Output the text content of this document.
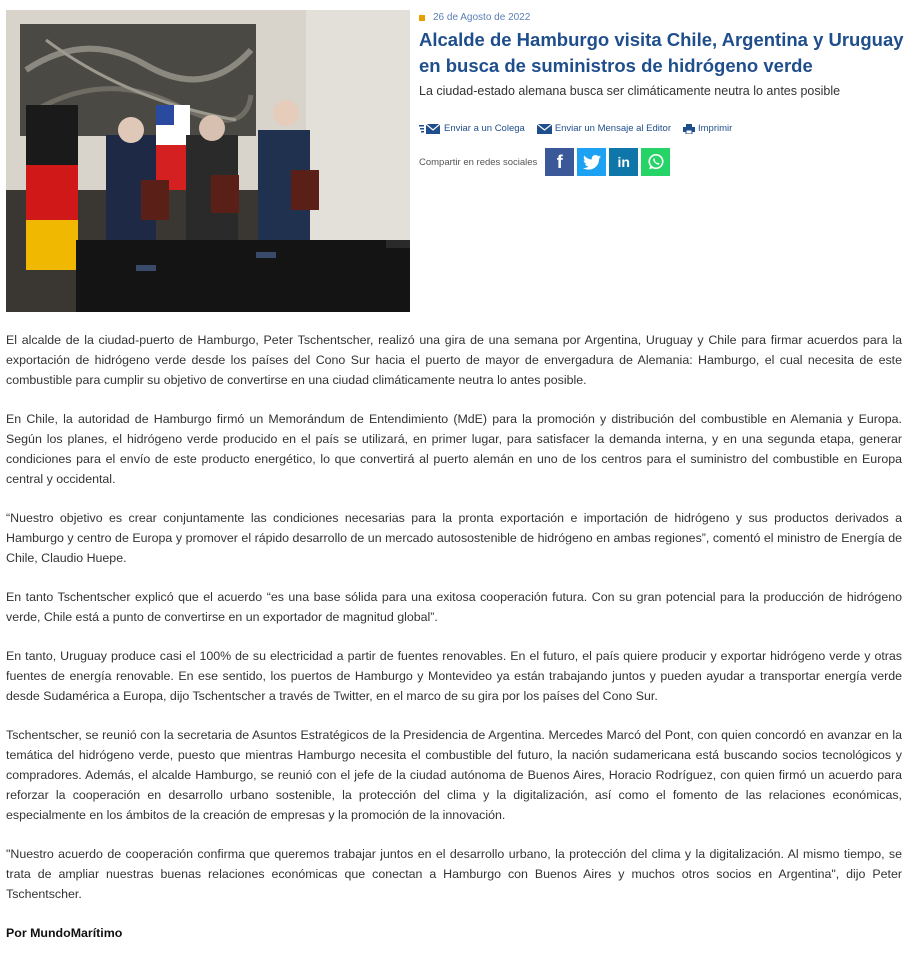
26 de Agosto de 2022
Alcalde de Hamburgo visita Chile, Argentina y Uruguay en busca de suministros de hidrógeno verde
La ciudad-estado alemana busca ser climáticamente neutra lo antes posible
Enviar a un Colega	Enviar un Mensaje al Editor	Imprimir
Compartir en redes sociales f	in

El alcalde de la ciudad-puerto de Hamburgo, Peter Tschentscher, realizó una gira de una semana por Argentina, Uruguay y Chile para firmar acuerdos para la exportación de hidrógeno verde desde los países del Cono Sur hacia el puerto de mayor de envergadura de Alemania: Hamburgo, el cual necesita de este combustible para cumplir su objetivo de convertirse en una ciudad climáticamente neutra lo antes posible.

En Chile, la autoridad de Hamburgo firmó un Memorándum de Entendimiento (MdE) para la promoción y distribución del combustible en Alemania y Europa. Según los planes, el hidrógeno verde producido en el país se utilizará, en primer lugar, para satisfacer la demanda interna, y en una segunda etapa, generar condiciones para el envío de este producto energético, lo que convertirá al puerto alemán en uno de los centros para el suministro del combustible en Europa central y occidental.

“Nuestro objetivo es crear conjuntamente las condiciones necesarias para la pronta exportación e importación de hidrógeno y sus productos derivados a Hamburgo y centro de Europa y promover el rápido desarrollo de un mercado autosostenible de hidrógeno en ambas regiones”, comentó el ministro de Energía de Chile, Claudio Huepe.

En tanto Tschentscher explicó que el acuerdo “es una base sólida para una exitosa cooperación futura. Con su gran potencial para la producción de hidrógeno verde, Chile está a punto de convertirse en un exportador de magnitud global”.

En tanto, Uruguay produce casi el 100% de su electricidad a partir de fuentes renovables. En el futuro, el país quiere producir y exportar hidrógeno verde y otras fuentes de energía renovable. En ese sentido, los puertos de Hamburgo y Montevideo ya están trabajando juntos y pueden ayudar a transportar energía verde desde Sudamérica a Europa, dijo Tschentscher a través de Twitter, en el marco de su gira por los países del Cono Sur.

Tschentscher, se reunió con la secretaria de Asuntos Estratégicos de la Presidencia de Argentina. Mercedes Marcó del Pont, con quien concordó en avanzar en la temática del hidrógeno verde, puesto que mientras Hamburgo necesita el combustible del futuro, la nación sudamericana está buscando socios tecnológicos y compradores. Además, el alcalde Hamburgo, se reunió con el jefe de la ciudad autónoma de Buenos Aires, Horacio Rodríguez, con quien firmó un acuerdo para reforzar la cooperación en desarrollo urbano sostenible, la protección del clima y la digitalización, así como el fomento de las relaciones económicas, especialmente en los ámbitos de la creación de empresas y la promoción de la innovación.

"Nuestro acuerdo de cooperación confirma que queremos trabajar juntos en el desarrollo urbano, la protección del clima y la digitalización. Al mismo tiempo, se trata de ampliar nuestras buenas relaciones económicas que conectan a Hamburgo con Buenos Aires y muchos otros socios en Argentina", dijo Peter Tschentscher.

Por MundoMarítimo
